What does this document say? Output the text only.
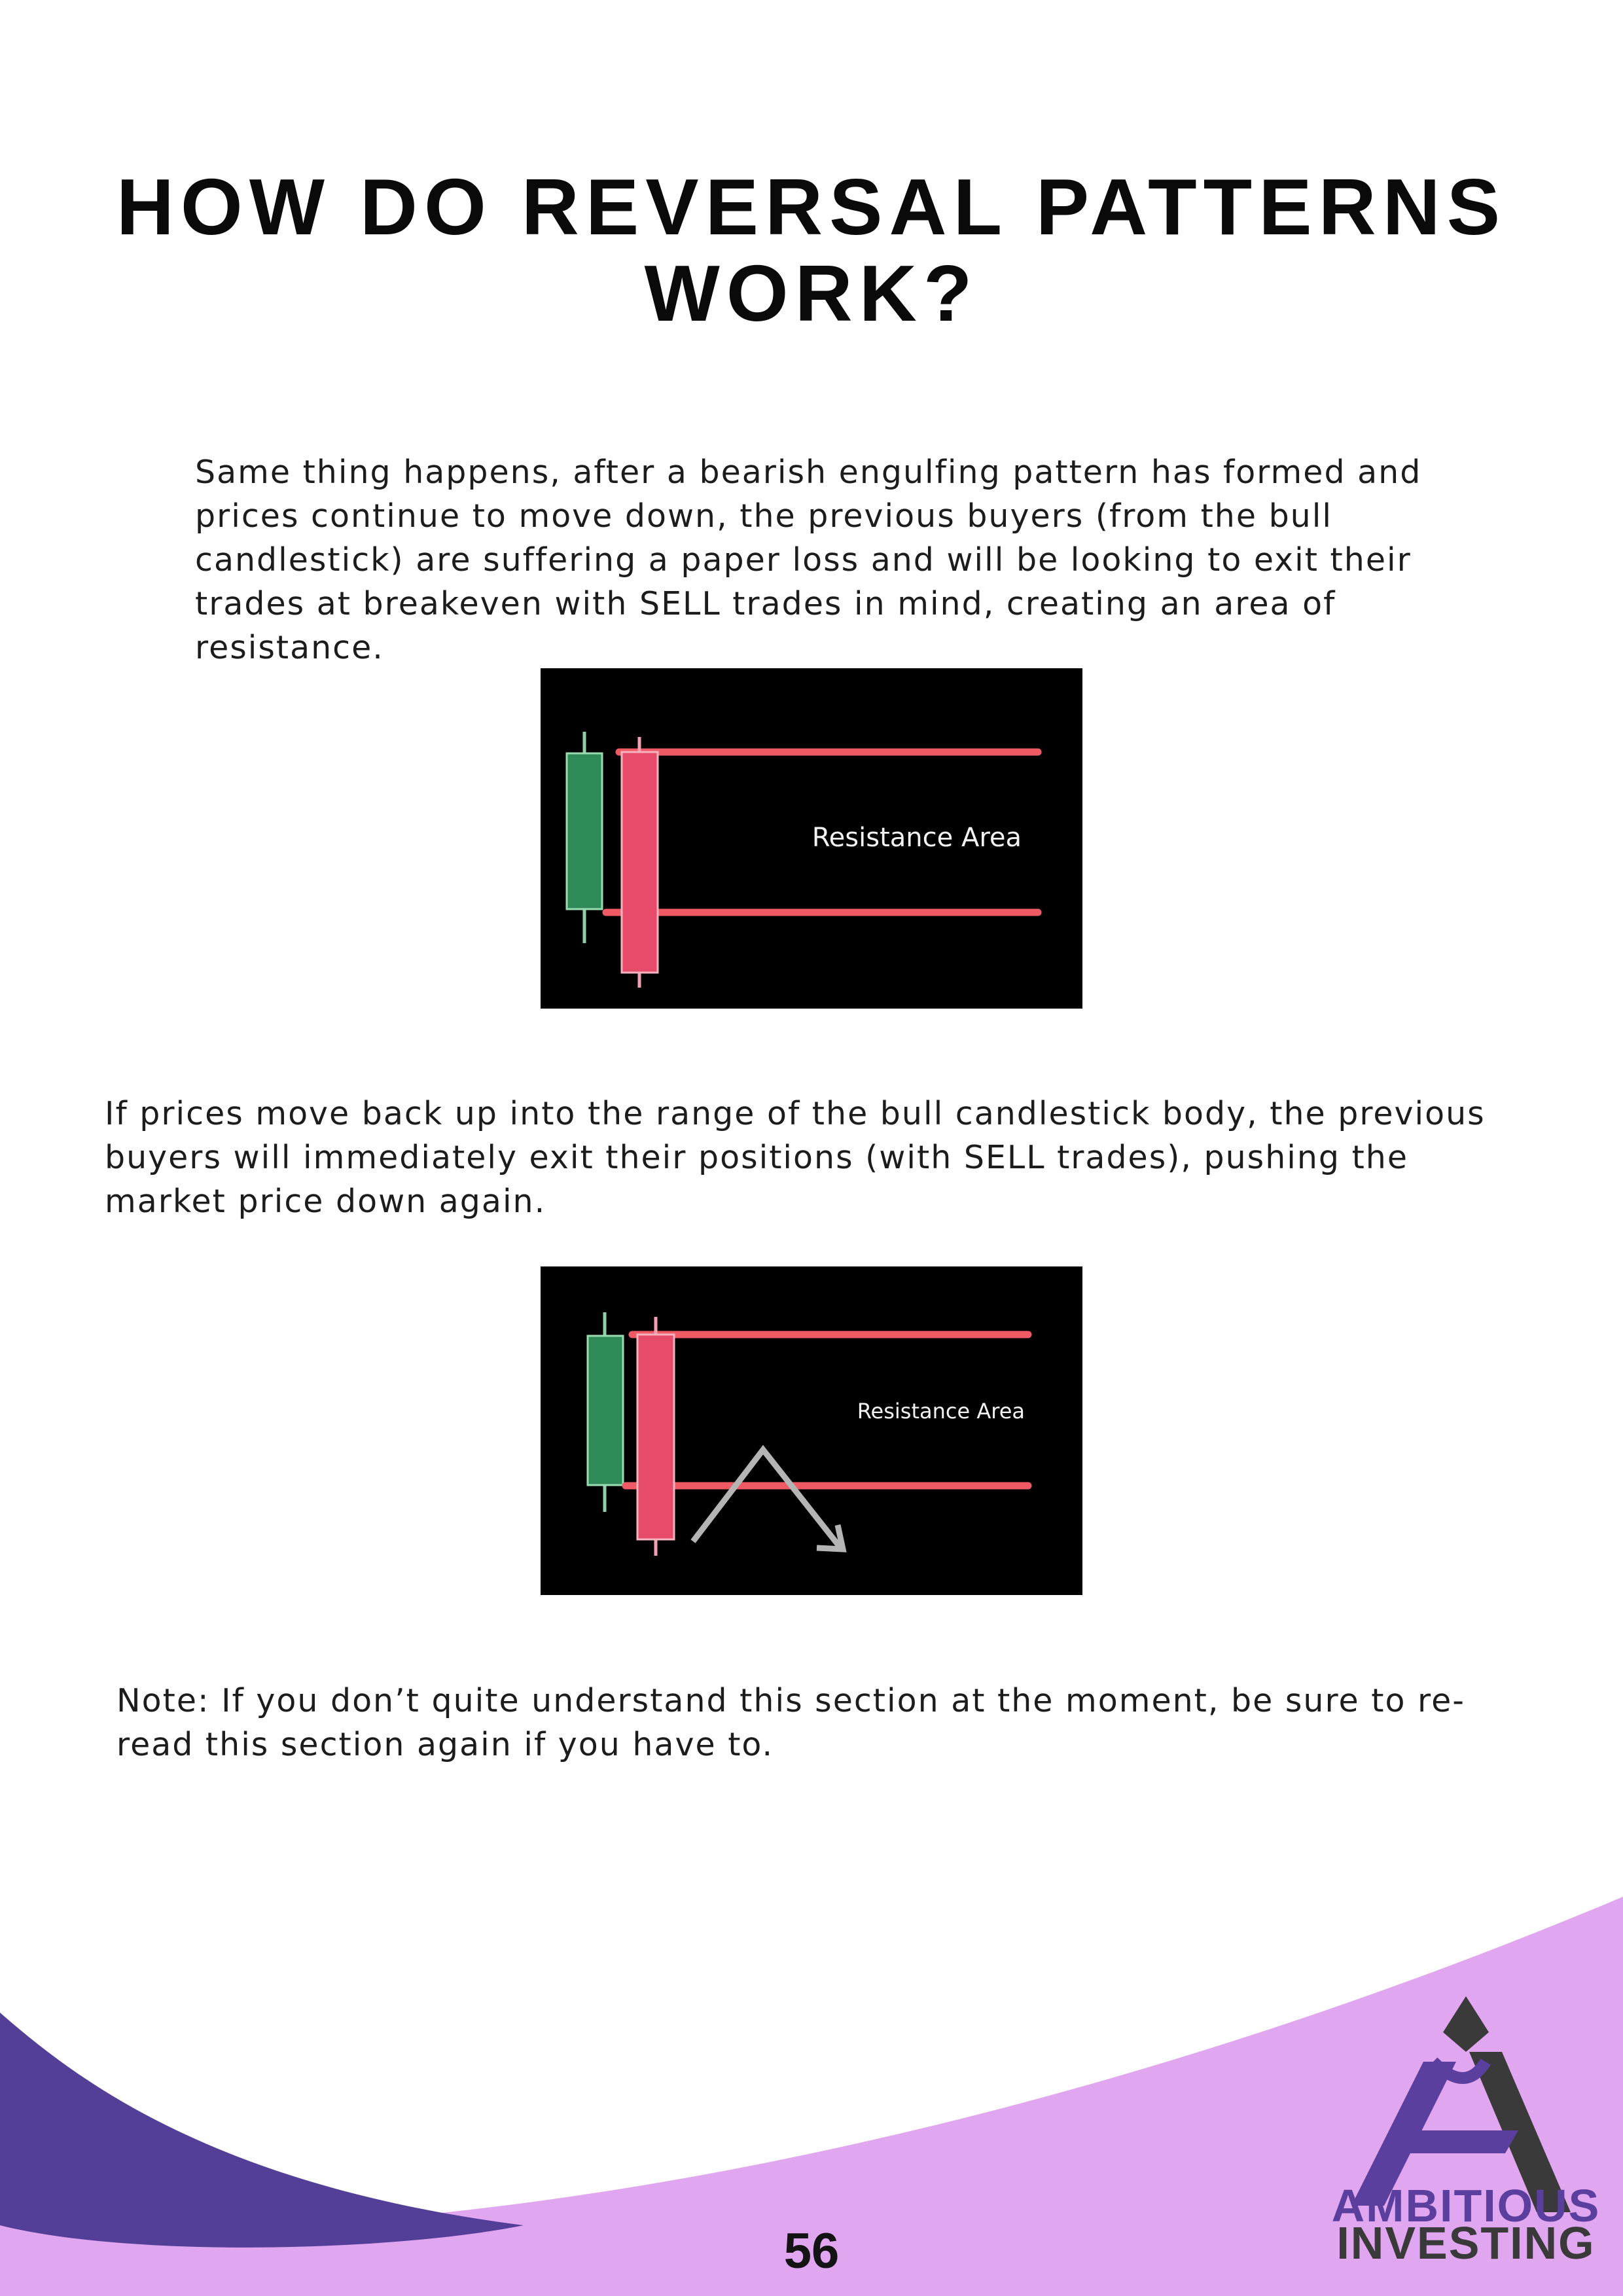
HOW DO REVERSAL PATTERNS
WORK?

Same thing happens, after a bearish engulfing pattern has formed and prices continue to move down, the previous buyers (from the bull candlestick) are suffering a paper loss and will be looking to exit their trades at breakeven with SELL trades in mind, creating an area of resistance.

Resistance Area

If prices move back up into the range of the bull candlestick body, the previous buyers will immediately exit their positions (with SELL trades), pushing the market price down again.

Resistance Area

Note: If you don’t quite understand this section at the moment, be sure to re-read this section again if you have to.

AMBITIOUS
INVESTING
56
